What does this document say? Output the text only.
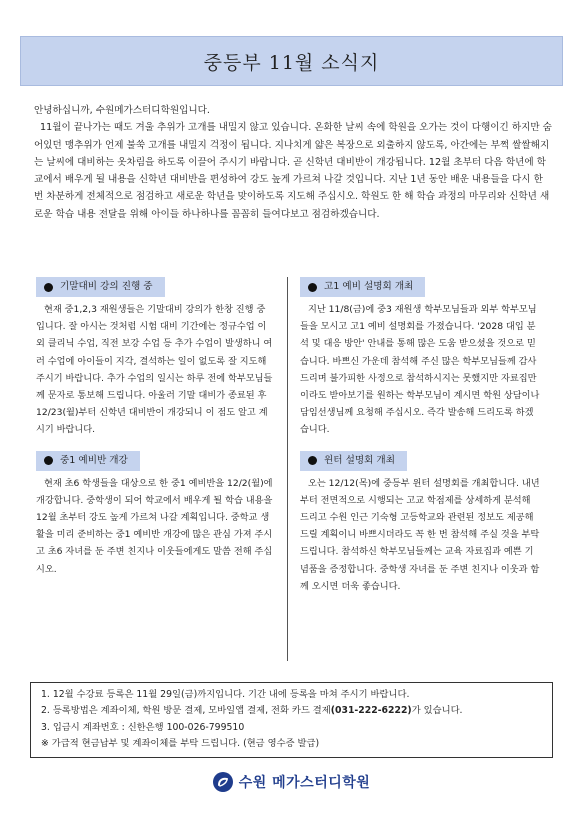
중등부 11월 소식지

안녕하십니까, 수원메가스터디학원입니다.

11월이 끝나가는 때도 겨울 추위가 고개를 내밀지 않고 있습니다. 온화한 날씨 속에 학원을 오가는 것이 다행이긴 하지만 숨어있던 맹추위가 언제 불쑥 고개를 내밀지 걱정이 됩니다. 지나치게 얇은 복장으로 외출하지 않도록, 아간에는 부쩍 쌀쌀해지는 날씨에 대비하는 옷차림을 하도록 이끌어 주시기 바랍니다. 곧 신학년 대비반이 개강됩니다. 12월 초부터 다음 학년에 학교에서 배우게 될 내용을 신학년 대비반을 편성하여 강도 높게 가르쳐 나갈 것입니다. 지난 1년 동안 배운 내용들을 다시 한 번 차분하게 전체적으로 점검하고 새로운 학년을 맞이하도록 지도해 주십시오. 학원도 한 해 학습 과정의 마무리와 신학년 새로운 학습 내용 전달을 위해 아이들 하나하나를 꼼꼼히 들여다보고 점검하겠습니다.

기말대비 강의 진행 중
현재 중1,2,3 재원생들은 기말대비 강의가 한창 진행 중입니다. 잘 아시는 것처럼 시험 대비 기간에는 정규수업 이외 클리닉 수업, 직전 보강 수업 등 추가 수업이 발생하니 여러 수업에 아이들이 지각, 결석하는 일이 없도록 잘 지도해 주시기 바랍니다. 추가 수업의 일시는 하루 전에 학부모님들께 문자로 통보해 드립니다. 아울러 기말 대비가 종료된 후 12/23(월)부터 신학년 대비반이 개강되니 이 점도 알고 계시기 바랍니다.
중1 예비반 개강
현재 초6 학생들을 대상으로 한 중1 예비반을 12/2(월)에 개강합니다. 중학생이 되어 학교에서 배우게 될 학습 내용을 12월 초부터 강도 높게 가르쳐 나갈 계획입니다. 중학교 생활을 미리 준비하는 중1 예비반 개강에 많은 관심 가져 주시고 초6 자녀를 둔 주변 친지나 이웃들에게도 말씀 전해 주십시오.
고1 예비 설명회 개최
지난 11/8(금)에 중3 재원생 학부모님들과 외부 학부모님들을 모시고 고1 예비 설명회를 가졌습니다. '2028 대입 분석 및 대응 방안' 안내를 통해 많은 도움 받으셨을 것으로 믿습니다. 바쁘신 가운데 참석해 주신 많은 학부모님들께 감사드리며 불가피한 사정으로 참석하시지는 못했지만 자료집만이라도 받아보기를 원하는 학부모님이 계시면 학원 상담이나 담임선생님께 요청해 주십시오. 즉각 발송해 드리도록 하겠습니다.
윈터 설명회 개최
오는 12/12(목)에 중등부 윈터 설명회를 개최합니다. 내년부터 전면적으로 시행되는 고교 학점제를 상세하게 분석해 드리고 수원 인근 기숙형 고등학교와 관련된 정보도 제공해 드릴 계획이니 바쁘시더라도 꼭 한 번 참석해 주실 것을 부탁드립니다. 참석하신 학부모님들께는 교육 자료집과 예쁜 기념품을 증정합니다. 중학생 자녀를 둔 주변 친지나 이웃과 함께 오시면 더욱 좋습니다.
1. 12월 수강료 등록은 11월 29일(금)까지입니다. 기간 내에 등록을 마쳐 주시기 바랍니다.
2. 등록방법은 계좌이체, 학원 방문 결제, 모바일앱 결제, 전화 카드 결제(031-222-6222)가 있습니다.
3. 입금시 계좌번호 : 신한은행 100-026-799510
※ 가급적 현금납부 및 계좌이체를 부탁 드립니다. (현금 영수증 발급)
수원 메가스터디학원
